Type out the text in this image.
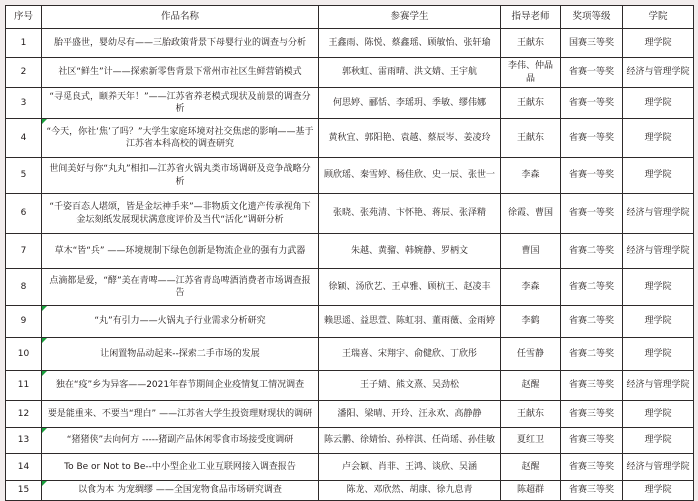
序号	作品名称	参赛学生	指导老师	奖项等级	学院
1	胎平盛世，婴幼尽有——三胎政策背景下母婴行业的调查与分析	王鑫雨、陈悦、蔡鑫瑶、顾敏怡、张轩瑜	王献东	国赛三等奖	理学院
2	社区“鲜生”计——探索新零售背景下常州市社区生鲜营销模式	郭秋虹、雷雨晴、洪文婧、王宇航	李伟、仲晶晶	省赛一等奖	经济与管理学院
3	“寻觅良式，颐养天年！”——江苏省养老模式现状及前景的调查分析	何思婷、郦恬、李瑶玥、季敏、缪伟娜	王献东	省赛一等奖	理学院
4	“今天，你社‘焦’了吗？”大学生家庭环境对社交焦虑的影响——基于江苏省本科高校的调查研究	黄秋宜、郭阳艳、袁越、蔡辰岑、姜凌玲	王献东	省赛一等奖	理学院
5	世间美好与你“丸丸”相扣—江苏省火锅丸类市场调研及竞争战略分析	顾欣瑶、秦雪婷、杨佳欣、史一辰、张世一	李森	省赛一等奖	理学院
6	“千姿百态人堪颂，皆是金坛神手来”—非物质文化遗产传承视角下金坛刻纸发展现状满意度评价及当代“活化”调研分析	张晓、张苑清、卞怀艳、蒋辰、张泽精	徐霞、曹国	省赛一等奖	经济与管理学院
7	草木“皆“兵” ——环境规制下绿色创新是物流企业的强有力武器	朱越、黄骝、韩婉静、罗柄文	曹国	省赛二等奖	经济与管理学院
8	点滴都是爱，“酵”美在青啤——江苏省青岛啤酒消费者市场调查报告	徐颖、汤欣艺、王卓雅、顾杭王、赵凌丰	李森	省赛二等奖	理学院
9	“丸”有引力——火锅丸子行业需求分析研究	赖思遥、益思萱、陈虹羽、董雨薇、金雨婷	李鹤	省赛二等奖	理学院
10	让闲置物品动起来--探索二手市场的发展	王瑞喜、宋翔宇、俞健欣、丁欣彤	任雪静	省赛二等奖	理学院
11	独在“疫”乡为异客——2021年春节期间企业疫情复工情况调查	王子婧、熊文熹、吴劲松	赵醒	省赛三等奖	经济与管理学院
12	要是能重来、不要当“理白” ——江苏省大学生投资理财现状的调研	潘阳、梁晴、开玲、汪永欢、高静静	王献东	省赛三等奖	理学院
13	“猪猪侠”去向何方 -----猪副产品休闲零食市场接受度调研	陈云鹏、徐婧怡、孙梓淇、任尚瑶、孙佳敏	夏红卫	省赛三等奖	理学院
14	To Be or Not to Be--中小型企业工业互联网接入调查报告	卢会颖、肖菲、王鸿、谈欣、吴涵	赵醒	省赛三等奖	经济与管理学院
15	以食为本 为宠绸缪 ——全国宠物食品市场研究调查	陈龙、邓欣然、胡康、徐九息青	陈超群	省赛三等奖	理学院
